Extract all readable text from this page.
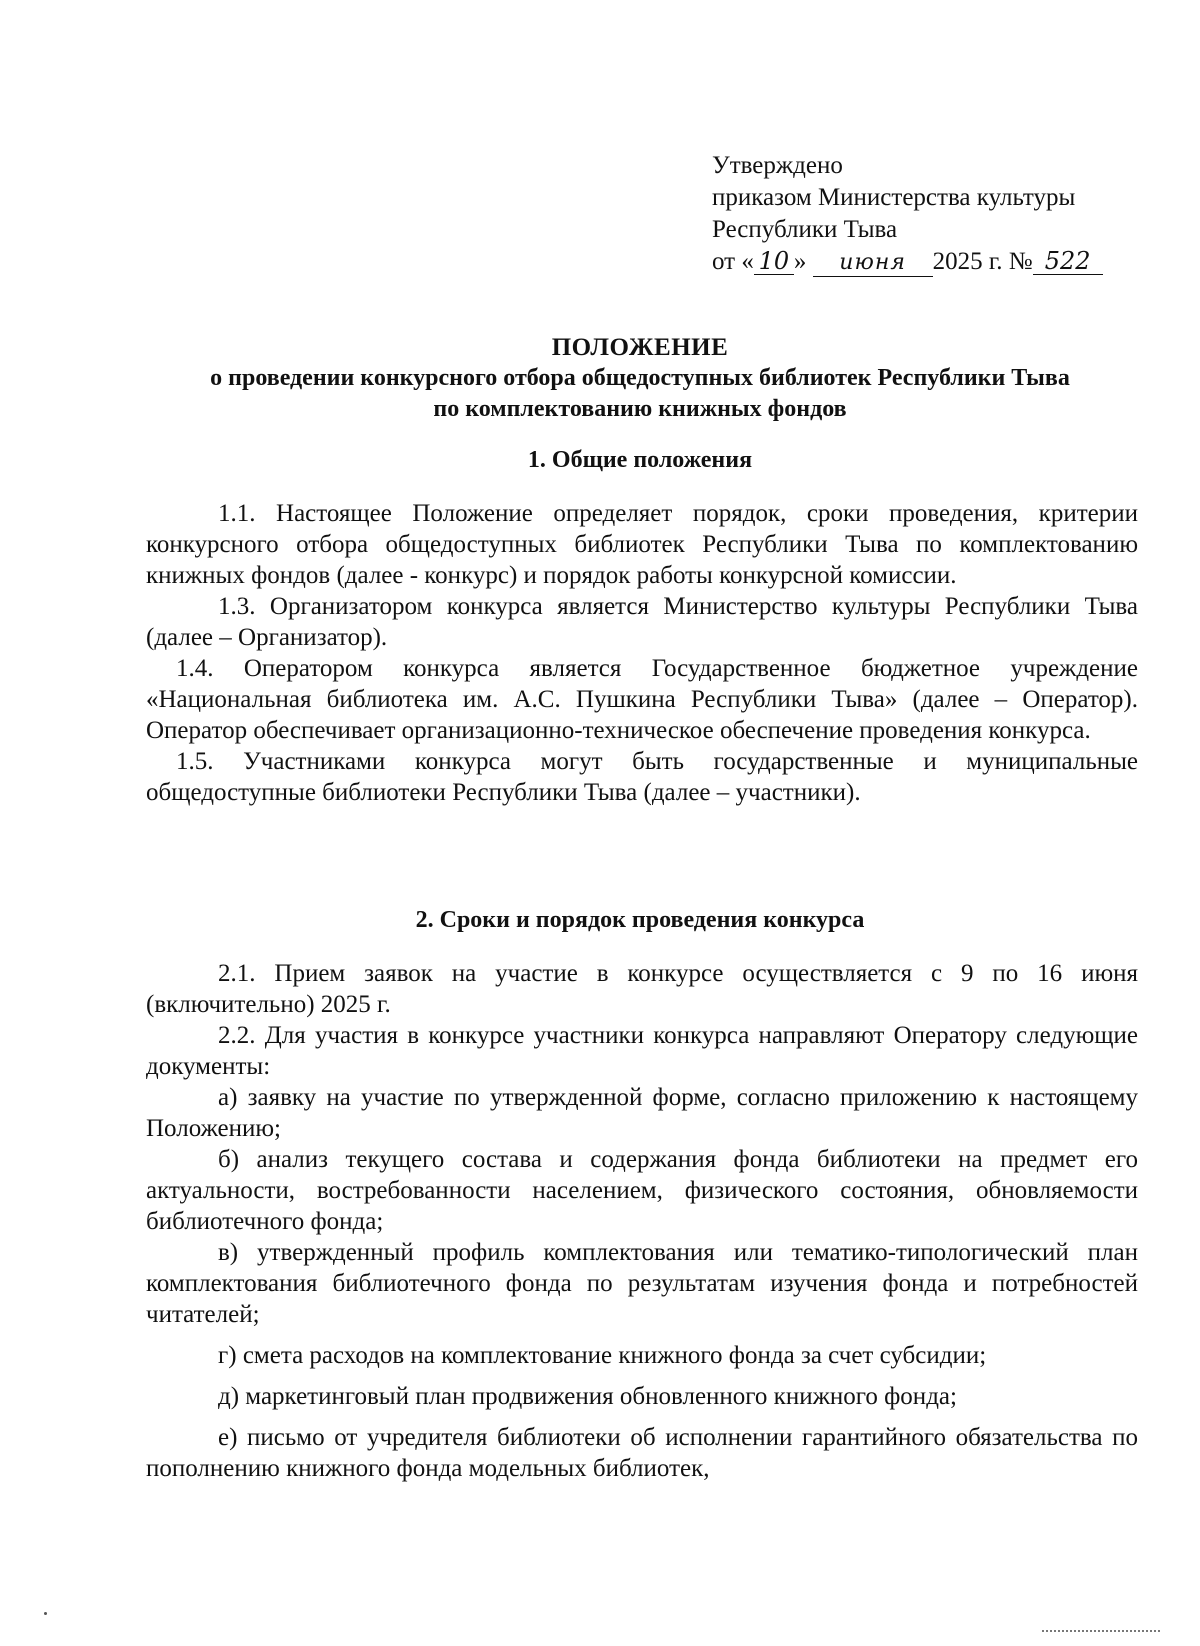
Утверждено
приказом Министерства культуры
Республики Тыва
от « 10 » июня 2025 г. № 522
ПОЛОЖЕНИЕ
о проведении конкурсного отбора общедоступных библиотек Республики Тыва
по комплектованию книжных фондов
1. Общие положения

1.1. Настоящее Положение определяет порядок, сроки проведения, критерии конкурсного отбора общедоступных библиотек Республики Тыва по комплектованию книжных фондов (далее - конкурс) и порядок работы конкурсной комиссии.

1.3. Организатором конкурса является Министерство культуры Республики Тыва (далее – Организатор).

1.4. Оператором конкурса является Государственное бюджетное учреждение «Национальная библиотека им. А.С. Пушкина Республики Тыва» (далее – Оператор). Оператор обеспечивает организационно-техническое обеспечение проведения конкурса.

1.5. Участниками конкурса могут быть государственные и муниципальные общедоступные библиотеки Республики Тыва (далее – участники).

2. Сроки и порядок проведения конкурса

2.1. Прием заявок на участие в конкурсе осуществляется с 9 по 16 июня (включительно) 2025 г.

2.2. Для участия в конкурсе участники конкурса направляют Оператору следующие документы:

а) заявку на участие по утвержденной форме, согласно приложению к настоящему Положению;

б) анализ текущего состава и содержания фонда библиотеки на предмет его актуальности, востребованности населением, физического состояния, обновляемости библиотечного фонда;

в) утвержденный профиль комплектования или тематико-типологический план комплектования библиотечного фонда по результатам изучения фонда и потребностей читателей;

г) смета расходов на комплектование книжного фонда за счет субсидии;

д) маркетинговый план продвижения обновленного книжного фонда;

е) письмо от учредителя библиотеки об исполнении гарантийного обязательства по пополнению книжного фонда модельных библиотек,
